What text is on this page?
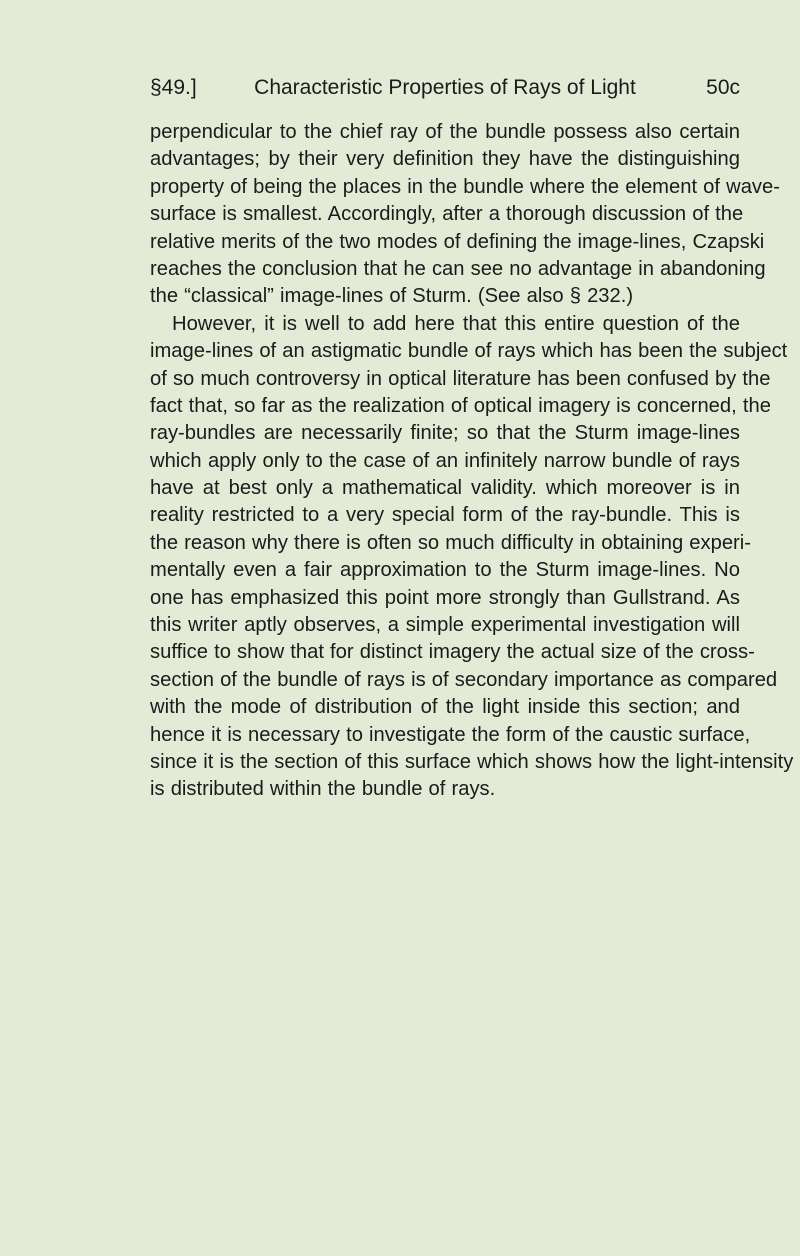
§49.]	Characteristic Properties of Rays of Light	50c
perpendicular to the chief ray of the bundle possess also certain
advantages; by their very definition they have the distinguishing
property of being the places in the bundle where the element of wave-
surface is smallest. Accordingly, after a thorough discussion of the
relative merits of the two modes of defining the image-lines, Czapski
reaches the conclusion that he can see no advantage in abandoning
the “classical” image-lines of Sturm. (See also § 232.)
However, it is well to add here that this entire question of the
image-lines of an astigmatic bundle of rays which has been the subject
of so much controversy in optical literature has been confused by the
fact that, so far as the realization of optical imagery is concerned, the
ray-bundles are necessarily finite; so that the Sturm image-lines
which apply only to the case of an infinitely narrow bundle of rays
have at best only a mathematical validity. which moreover is in
reality restricted to a very special form of the ray-bundle. This is
the reason why there is often so much difficulty in obtaining experi-
mentally even a fair approximation to the Sturm image-lines. No
one has emphasized this point more strongly than Gullstrand. As
this writer aptly observes, a simple experimental investigation will
suffice to show that for distinct imagery the actual size of the cross-
section of the bundle of rays is of secondary importance as compared
with the mode of distribution of the light inside this section; and
hence it is necessary to investigate the form of the caustic surface,
since it is the section of this surface which shows how the light-intensity
is distributed within the bundle of rays.
